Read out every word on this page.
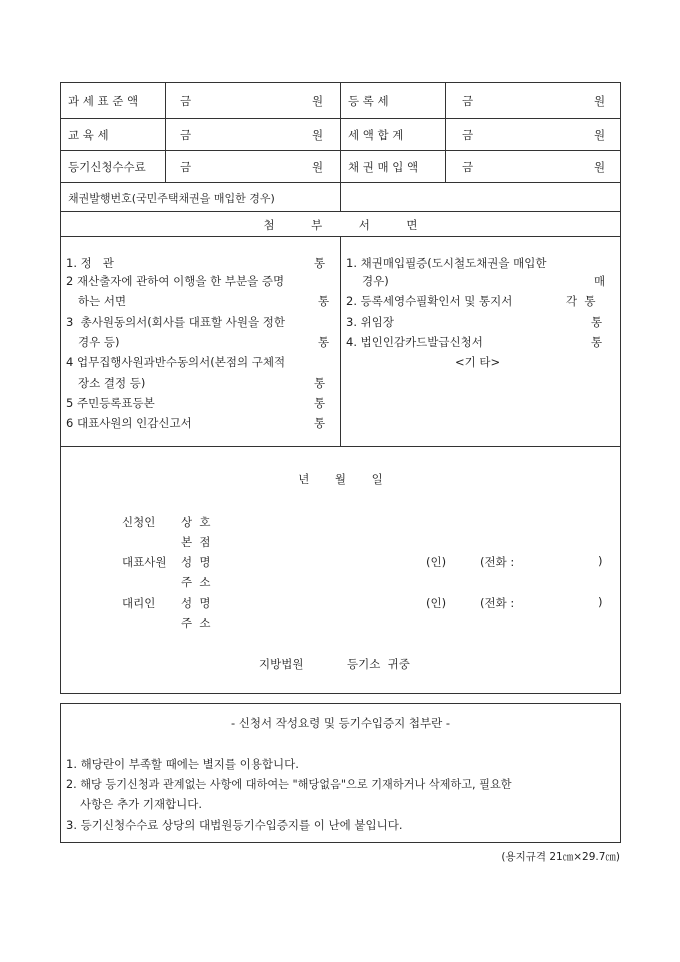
과 세 표 준 액	금	원 등 록 세	금	원
교 육 세	금	원 세 액 합 계	금	원
등기신청수수료	금	원 채 권 매 입 액	금	원
채권발행번호(국민주택채권을 매입한 경우)
첨          부          서          면
1. 정   관	통
2 재산출자에 관하여 이행을 한 부분을 증명
하는 서면	통
3  총사원동의서(회사를 대표할 사원을 정한
경우 등)	통
4 업무집행사원과반수동의서(본점의 구체적
장소 결정 등)	통
5 주민등록표등본	통
6 대표사원의 인감신고서	통
1. 채권매입필증(도시철도채권을 매입한
경우)	매
2. 등록세영수필확인서 및 통지서	각  통
3. 위임장	통
4. 법인인감카드발급신청서	통
<기 타>
년       월       일
신청인 상  호
본  점
대표사원 성  명	(인)	(전화 :	)
주  소
대리인 성  명	(인)	(전화 :	)
주  소
지방법원	등기소  귀중
- 신청서 작성요령 및 등기수입증지 첩부란 -
1. 해당란이 부족할 때에는 별지를 이용합니다.
2. 해당 등기신청과 관계없는 사항에 대하여는 "해당없음"으로 기재하거나 삭제하고, 필요한
사항은 추가 기재합니다.
3. 등기신청수수료 상당의 대법원등기수입증지를 이 난에 붙입니다.
(용지규격 21㎝×29.7㎝)
